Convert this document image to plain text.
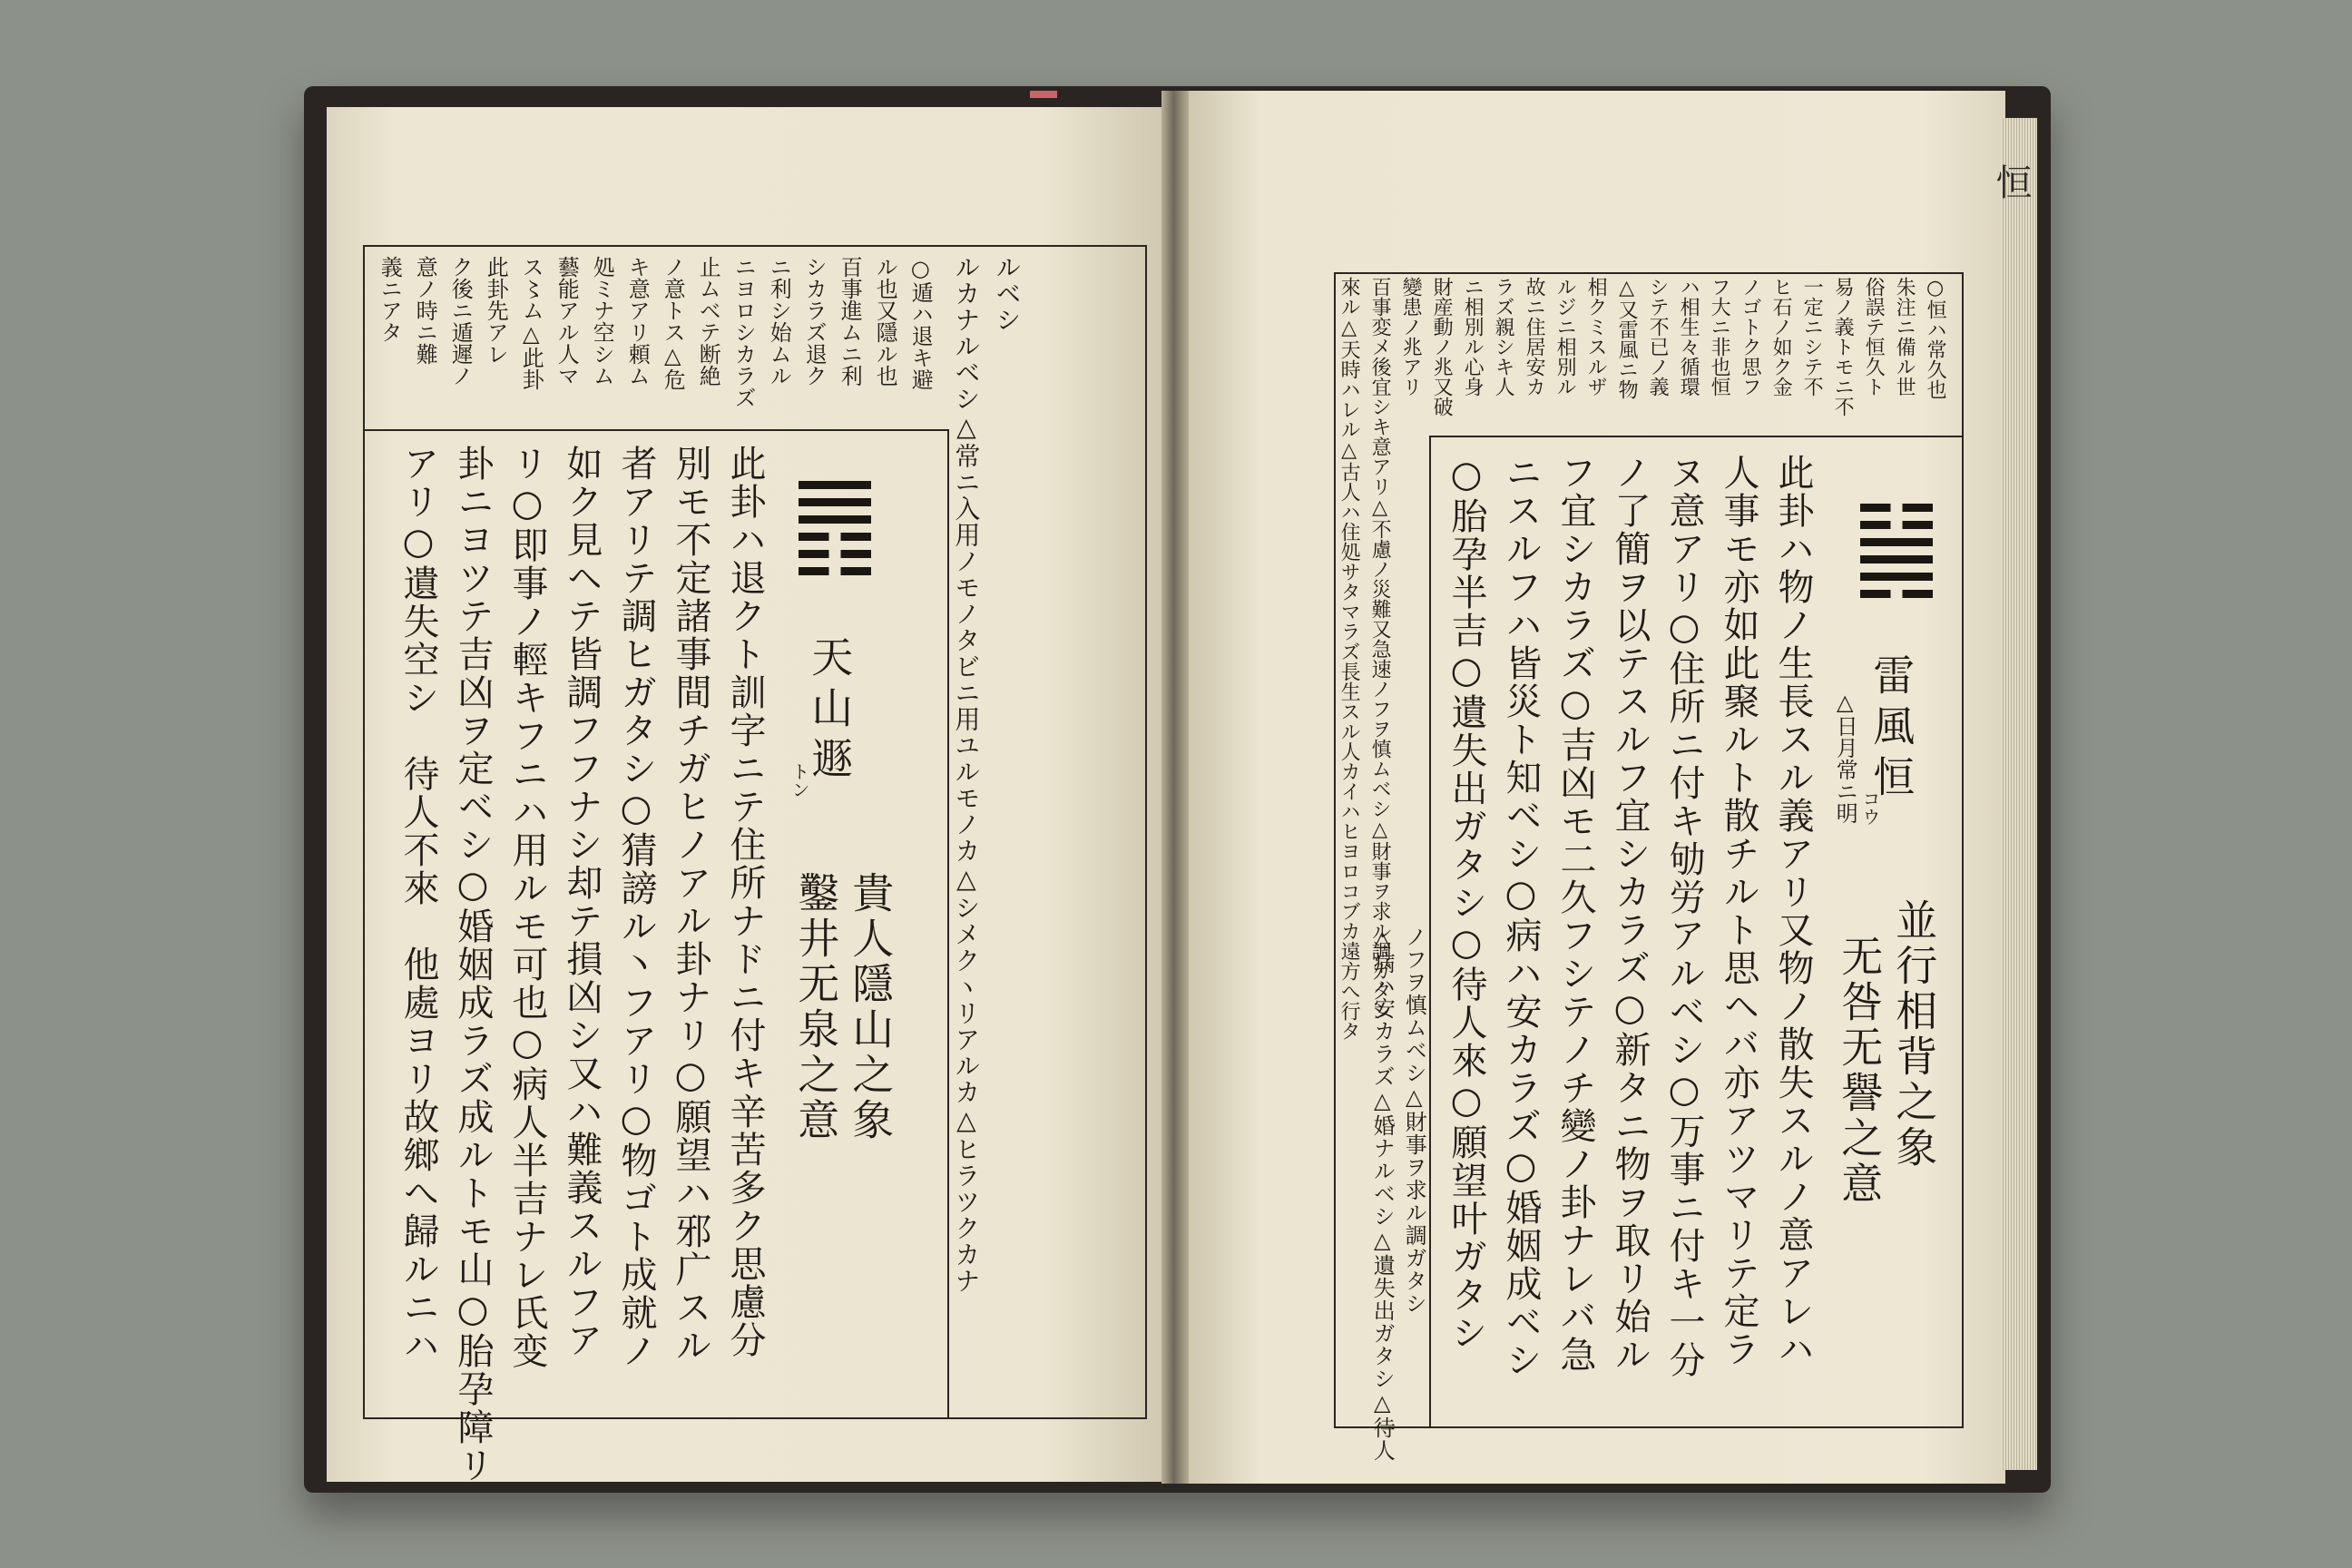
ルカナルベシ△常ニ入用ノモノタビニ用ユルモノカ△シメクヽリアルカ△ヒラツクカナ ルベシ
天山遯
トン
貴人隱山之象
鑿井无泉之意
雷風恒
コウ
△日月常ニ明
並行相背之象
无咎无譽之意
ノフヲ慎ムベシ△財事ヲ求ル調ガタシ
△病ハ安カラズ△婚ナルベシ△遺失出ガタシ△待人
恒
○遁ハ退キ避
ル也又隱ル也
百事進ムニ利
シカラズ退ク
ニ利シ始ムル
ニヨロシカラズ
止ムベテ断絶
ノ意トス△危
キ意アリ頼ム
処ミナ空シム
藝能アル人マ
ス〻ム△此卦
此卦先アレ
ク後ニ遁遲ノ
意ノ時ニ難
義ニアタ
此卦ハ退クト訓字ニテ住所ナドニ付キ辛苦多ク思慮分
別モ不定諸事間チガヒノアル卦ナリ○願望ハ邪广スル
者アリテ調ヒガタシ○猜謗ル丶フアリ○物ゴト成就ノ
如ク見ヘテ皆調フフナシ却テ損凶シ又ハ難義スルフア
リ○即事ノ輕キフニハ用ルモ可也○病人半吉ナレ氏变
卦ニヨツテ吉凶ヲ定ベシ○婚姻成ラズ成ルトモ山○胎孕障リ
アリ○遺失空シ　待人不來　他處ヨリ故鄉へ歸ルニハ
○恒ハ常久也
朱注ニ備ル世
俗誤テ恒久ト
易ノ義トモニ不
一定ニシテ不
ヒ石ノ如ク金
ノゴトク思フ
フ大ニ非也恒
ハ相生々循環
シテ不已ノ義
△又雷風ニ物
相クミスルザ
ルジニ相別ル
故ニ住居安カ
ラズ親シキ人
ニ相別ル心身
財産動ノ兆又破
變患ノ兆アリ
百事変メ後宜シキ意アリ△不慮ノ災難又急速ノフヲ慎ムベシ△財事ヲ求ル調ガタシ
來ル△天時ハレル△古人ハ住処サタマラズ長生スル人カイハヒヨロコブカ遠方へ行タ	此卦ハ物ノ生長スル義アリ又物ノ散失スルノ意アレハ
人事モ亦如此聚ルト散チルト思ヘバ亦アツマリテ定ラ
ヌ意アリ○住所ニ付キ劬労アルベシ○万事ニ付キ一分
ノ了簡ヲ以テスルフ宜シカラズ○新タニ物ヲ取リ始ル
フ宜シカラズ○吉凶モ二久フシテノチ變ノ卦ナレバ急
ニスルフハ皆災ト知ベシ○病ハ安カラズ○婚姻成ベシ
○胎孕半吉○遺失出ガタシ○待人來○願望叶ガタシ
